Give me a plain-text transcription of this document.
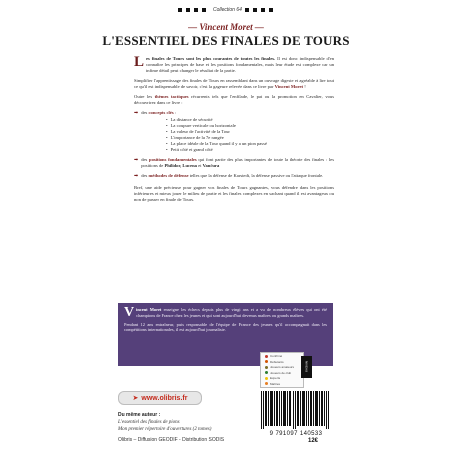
Collection 64
— Vincent Moret —
L'ESSENTIEL DES FINALES DE TOURS

Les finales de Tours sont les plus courantes de toutes les finales. Il est donc indispensable d'en connaître les principes de base et les positions fondamentales, mais leur étude est complexe car un infime détail peut changer le résultat de la partie.

Simplifier l'apprentissage des finales de Tours en rassemblant dans un ouvrage digeste et agréable à lire tout ce qu'il est indispensable de savoir, c'est la gageure relevée dans ce livre par Vincent Moret !

Outre les thèmes tactiques récurrents tels que l'enfilade, le pat ou la promotion en Cavalier, vous découvrirez dans ce livre :

➡ des concepts clés :
• La distance de sécurité
• La coupure verticale ou horizontale
• La valeur de l'activité de la Tour
• L'importance de la 7e rangée
• La place idéale de la Tour quand il y a un pion passé
• Petit côté et grand côté
➡ des positions fondamentales qui font partie des plus importantes de toute la théorie des finales : les positions de Philidor, Lucena et Vančura
➡ des méthodes de défense telles que la défense de Karstedt, la défense passive ou l'attaque frontale.

Bref, une aide précieuse pour gagner vos finales de Tours gagnantes, vous défendre dans les positions inférieures et mieux jouer le milieu de partie et les finales complexes en sachant quand il est avantageux ou non de passer en finale de Tours.

Vincent Moret enseigne les échecs depuis plus de vingt ans et a vu de nombreux élèves qui ont été champions de France chez les jeunes et qui sont aujourd'hui devenus maîtres ou grands maîtres.

Pendant 12 ans entraîneur, puis responsable de l'équipe de France des jeunes qu'il accompagnait dans les compétitions internationales, il est aujourd'hui journaliste.

Confirmé
Débutants
Joueurs amateurs
Joueurs de club
Experts
Maîtres
NIVEAU
➤ www.olibris.fr
Du même auteur :
L'essentiel des finales de pions
Mon premier répertoire d'ouvertures (2 tomes)
Olibris – Diffusion GEODIF - Distribution SODIS
9 791097 140533
12€
